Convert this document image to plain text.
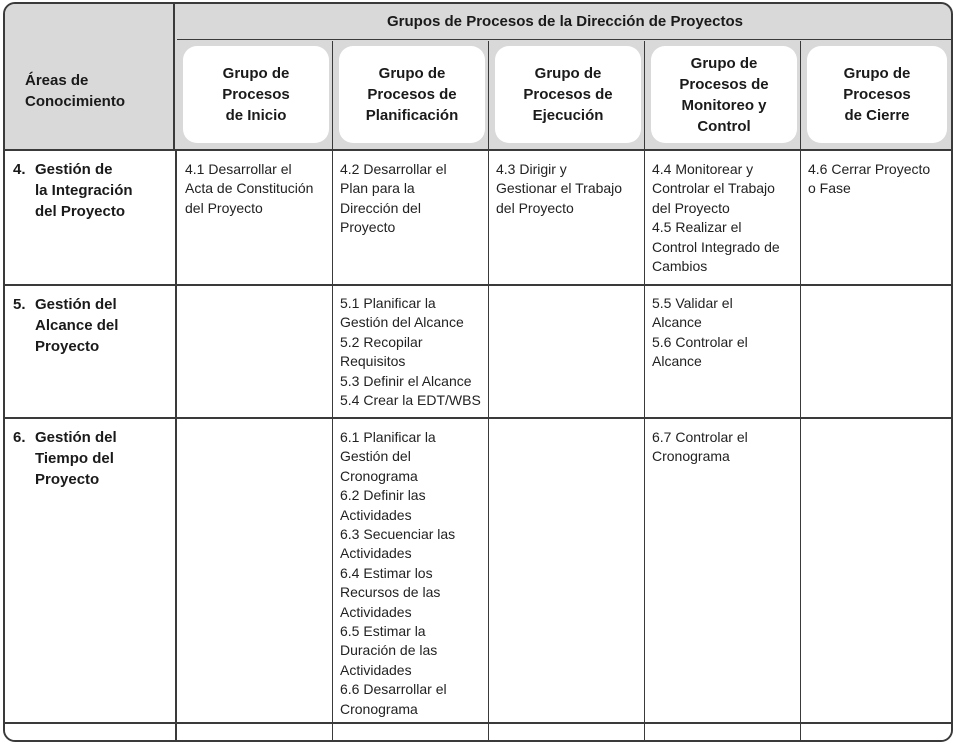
Áreas de Conocimiento
Grupos de Procesos de la Dirección de Proyectos
Grupo de
Procesos
de Inicio
Grupo de
Procesos de
Planificación
Grupo de
Procesos de
Ejecución
Grupo de
Procesos de
Monitoreo y
Control
Grupo de
Procesos
de Cierre
4. Gestión de
la Integración
del Proyecto
4.1 Desarrollar el
Acta de Constitución
del Proyecto
4.2 Desarrollar el
Plan para la
Dirección del
Proyecto
4.3 Dirigir y
Gestionar el Trabajo
del Proyecto
4.4 Monitorear y
Controlar el Trabajo
del Proyecto
4.5 Realizar el
Control Integrado de
Cambios
4.6 Cerrar Proyecto
o Fase
5. Gestión del
Alcance del
Proyecto
5.1 Planificar la
Gestión del Alcance
5.2 Recopilar
Requisitos
5.3 Definir el Alcance
5.4 Crear la EDT/WBS
5.5 Validar el
Alcance
5.6 Controlar el
Alcance
6. Gestión del
Tiempo del
Proyecto
6.1 Planificar la
Gestión del
Cronograma
6.2 Definir las
Actividades
6.3 Secuenciar las
Actividades
6.4 Estimar los
Recursos de las
Actividades
6.5 Estimar la
Duración de las
Actividades
6.6 Desarrollar el
Cronograma
6.7 Controlar el
Cronograma
